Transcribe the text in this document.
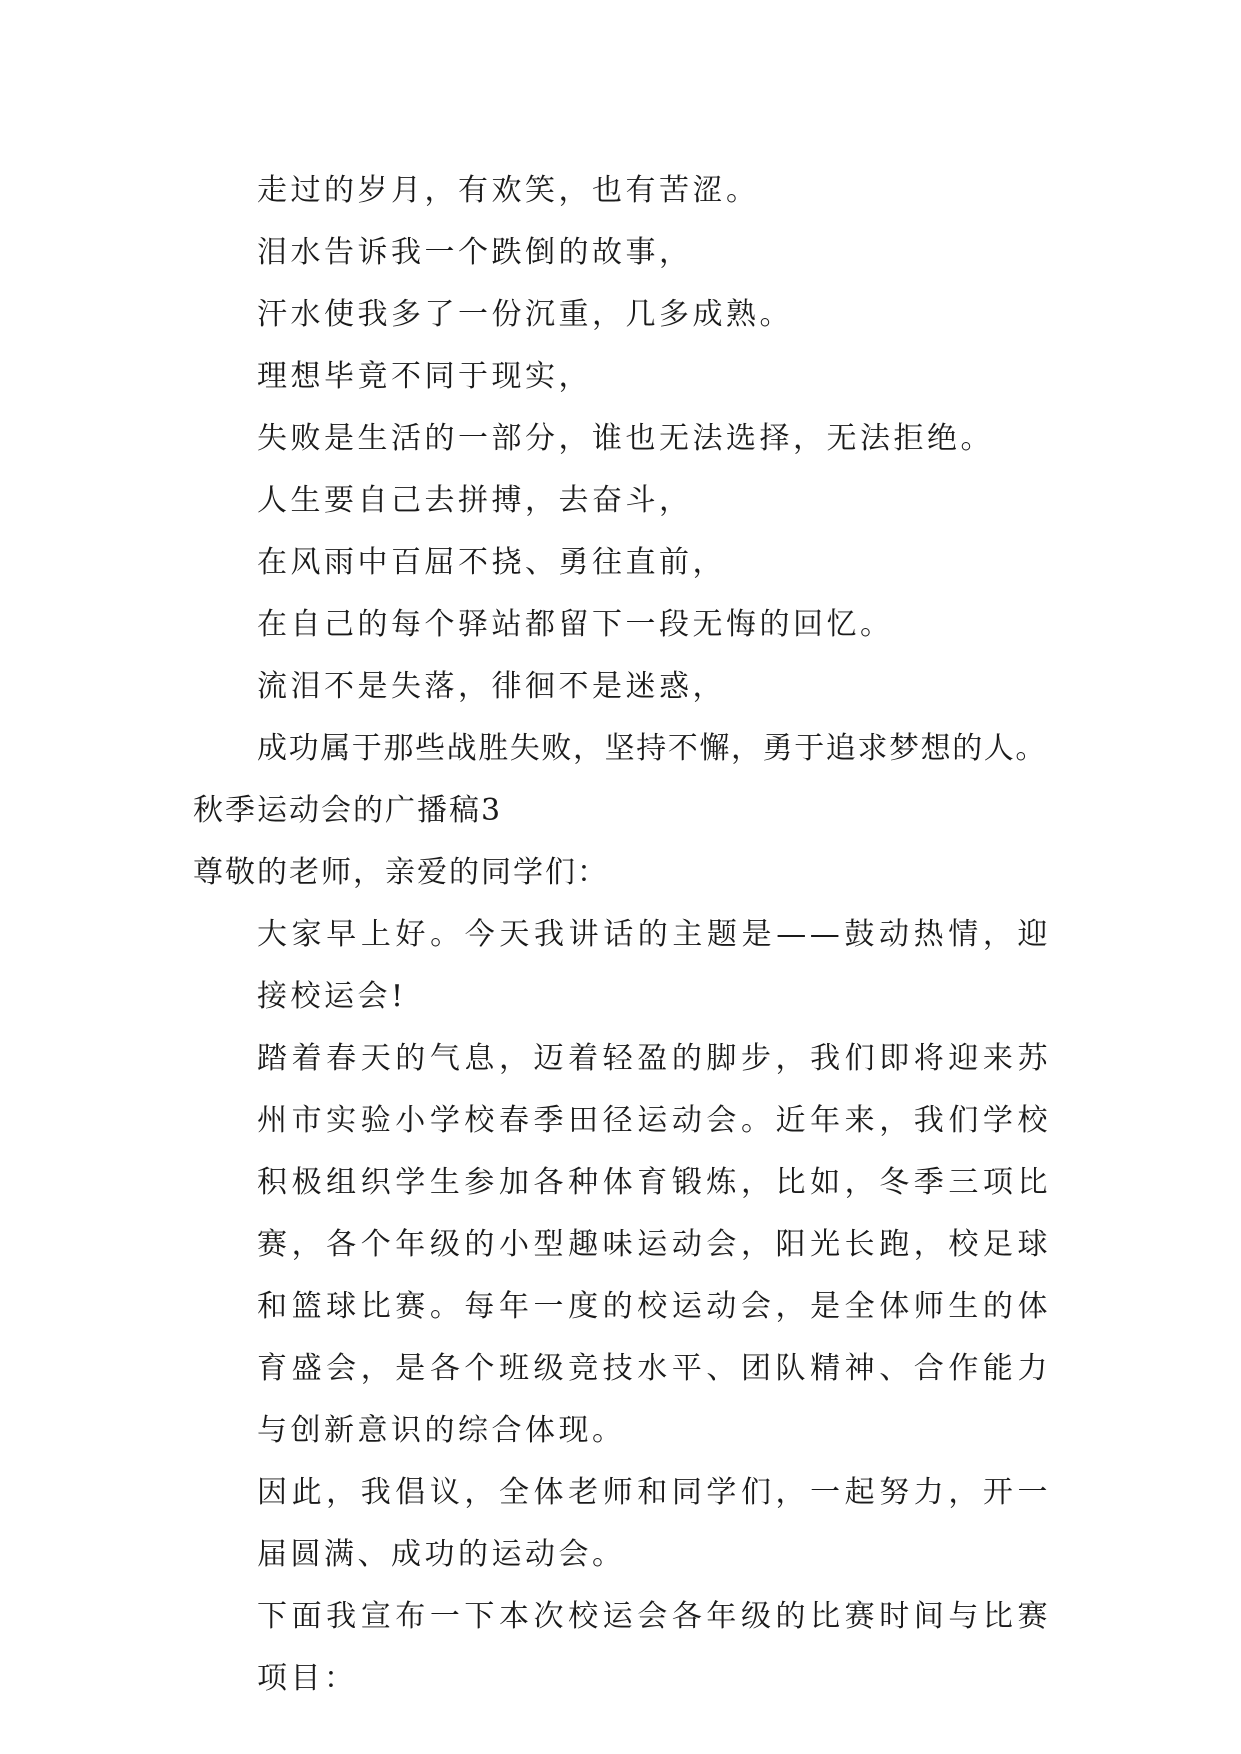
走过的岁月，有欢笑，也有苦涩。
泪水告诉我一个跌倒的故事，
汗水使我多了一份沉重，几多成熟。
理想毕竟不同于现实，
失败是生活的一部分，谁也无法选择，无法拒绝。
人生要自己去拼搏，去奋斗，
在风雨中百屈不挠、勇往直前，
在自己的每个驿站都留下一段无悔的回忆。
流泪不是失落，徘徊不是迷惑，
成功属于那些战胜失败，坚持不懈，勇于追求梦想的人。
秋季运动会的广播稿3
尊敬的老师，亲爱的同学们：
大家早上好。今天我讲话的主题是——鼓动热情，迎接校运会!
踏着春天的气息，迈着轻盈的脚步，我们即将迎来苏州市实验小学校春季田径运动会。近年来，我们学校积极组织学生参加各种体育锻炼，比如，冬季三项比赛，各个年级的小型趣味运动会，阳光长跑，校足球和篮球比赛。每年一度的校运动会，是全体师生的体育盛会，是各个班级竞技水平、团队精神、合作能力与创新意识的综合体现。
因此，我倡议，全体老师和同学们，一起努力，开一届圆满、成功的运动会。
下面我宣布一下本次校运会各年级的比赛时间与比赛项目：
